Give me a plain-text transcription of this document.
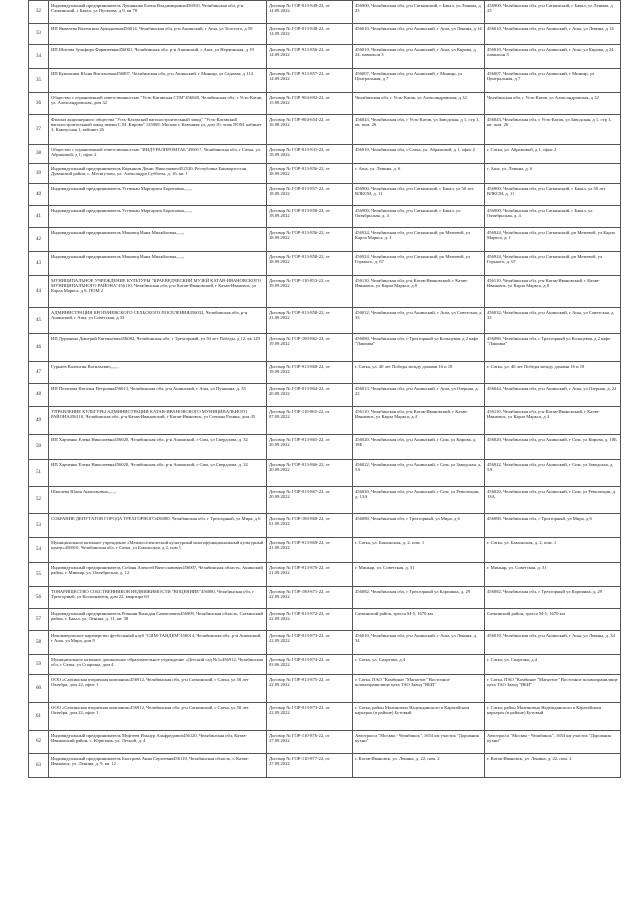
32	Индивидуальный предприниматель Лукиянова Елена Владимировна456910, Челябинская обл, р-н Саткинский, г Бакал, ул Пугачева, д 9, кв 78	Договор № ГОР-913-849-22, от 14.09.2022	456900, Челябинская обл, р-н Саткинский, г Бакал, ул Ленина, д 25	456900, Челябинская обл, р-н Саткинский, г Бакал, ул Ленина, д 25
33	ИП Яковлева Валентина Аркадьевна456014, Челябинская обл, р-н Ашинский, г Аша, ул Толстого, д 59	Договор № ГОР-913-848-22, от 14.09.2022	456010, Челябинская обл, р-н Ашинский, г Аша, ул Ленина, д 14	456010, Челябинская обл, р-н Ашинский, г Аша, ул Ленина, д 14
34	ИП Шитова Зульфира Фарвиеевна456001, Челябинская обл, р-н Ашинский, г Аша, ул Нерчинская, д 19	Договор № ГОР-913-856-22, от 14.09.2022	456010, Челябинская обл, р-н Ашинский, г Аша, ул Кирова, д 24, павильон 3	456010, Челябинская обл, р-н Ашинский, г Аша, ул Кирова, д 24, павильон 3
35	ИП Кувалкина Юлия Витальевна456007, Челябинская обл, р-н Ашинский, г Миньяр, ул Садовая, д 114	Договор № ГОР-913-857-22, от 14.09.2022	456007, Челябинская обл, р-н Ашинский, г Миньяр, ул Центральная, д 7	456007, Челябинская обл, р-н Ашинский, г Миньяр, ул Центральная, д 7
36	Общество с ограниченной ответственностью "Усть-Катавская СТМ"456040, Челябинская обл, г Усть-Катав, ул. Александровская, дом 32	Договор № ГОР-904-692-22, от 15.08.2022	Челябинская обл, г Усть-Катав, ул Александровская, д 32	Челябинская обл, г Усть-Катав, ул Александровская, д 32
37	Филиал акционерного общества "Усть-Катавский вагоностроительный завод" "Усть-Катавский вагоностроительный завод имени С.М. Кирова" 125009, Москва г, Казенная ул, дом 10, этаж ПОМ. кабинет 3, Кампусная 1, кабинет 26	Договор № ГОР-904-654-22, от 16.08.2022	456043, Челябинская обл, г Усть-Катав, ул Заводская, д 1, стр 1, кв. пом. 26	456043, Челябинская обл, г Усть-Катав, ул Заводская, д 1, стр 1, кв. пом. 26
38	Общество с ограниченной ответственностью "ИНДУРАЛПРОМТАБ"456017, Челябинская обл, г Сатка, ул. Абрамовой, д 1, офис 2	Договор № ГОР-913-831-22, от 18.09.2022	456910, Челябинская обл, г Сатка, ул. Абрамовой, д 1, офис 2	г. Сатка, ул. Абрамовой, д 1, офис 2
39	Индивидуальный предприниматель Кирьянов Денис Николаевич452530, Республика Башкортостан, Дуванский район, с. Месягутово, ул. Александра Субботы, д. 16, кв. 1	Договор № ГОР-913-856-22, от 18.09.2022	г. Аша, ул. Ленина, д. 6	г. Аша, ул. Ленина, д. 6
40	Индивидуальный предприниматель Устюжан Маргарита Борисовна,,,,,,,	Договор № ГОР-913-857-22, от 18.09.2022	456900, Челябинская обл, р-н Саткинский, г Бакал, ул 50 лет ВЛКСМ, д. 11	456900, Челябинская обл, р-н Саткинский, г Бакал, ул 50 лет ВЛКСМ, д. 11
41	Индивидуальный предприниматель Устюжан Маргарита Борисовна,,,,,,,	Договор № ГОР-913-858-22, от 18.09.2022	456900, Челябинская обл, р-н Саткинский, г Бакал, ул Октябрьская, д. 4	456900, Челябинская обл, р-н Саткинский, г Бакал, ул Октябрьская, д. 4
42	Индивидуальный предприниматель Маковец Инна Михайловна,,,,,,,	Договор № ГОР-913-856-22, от 18.09.2022	456924, Челябинская обл, р-н Саткинский, рп Межевой, ул Карла Маркса, д. 1	456924, Челябинская обл, р-н Саткинский, рп Межевой, ул Карла Маркса, д. 1
43	Индивидуальный предприниматель Маковец Инна Михайловна,,,,,,,	Договор № ГОР-913-858-22, от 18.09.2022	456924, Челябинская обл, р-н Саткинский, рп Межевой, ул Горького, д. 67	456924, Челябинская обл, р-н Саткинский, рп Межевой, ул Горького, д. 67
44	МУНИЦИПАЛЬНОЕ УЧРЕЖДЕНИЕ КУЛЬТУРЫ "КРАЕВЕДЧЕСКИЙ МУЗЕЙ КАТАВ-ИВАНОВСКОГО МУНИЦИПАЛЬНОГО РАЙОНА"456110, Челябинская обл, р-н Катав-Ивановский, г Катав-Ивановск, ул Карла Маркса, д 8, ПОМ 2	Договор № ГОР-110-853-22, от 19.09.2022	456110, Челябинская обл, р-н Катав-Ивановский, г Катав-Ивановск, ул Карла Маркса, д 8	456110, Челябинская обл, р-н Катав-Ивановский, г Катав-Ивановск, ул Карла Маркса, д 8
45	АДМИНИСТРАЦИЯ КРОПАЧЕВСКОГО СЕЛЬСКОГО ПОСЕЛЕНИЯ456032, Челябинская обл, р-н Ашинский, г Аша, ул Советская, д 33	Договор № ГОР-913-858-22, от 21.09.2022	456032, Челябинская обл, р-н Ашинский, г Аша, ул Советская, д 33	456032, Челябинская обл, р-н Ашинский, г Аша, ул Советская, д 33
46	ИП Дуранина Дмитрий Евгеньевич456082, Челябинская обл, г Трехгорный, ул 50 лет Победы, д 12, кв 129	Договор № ГОР-180-862-22, от 19.09.2022	456080, Челябинская обл, г Трехгорный ул Кольцевая, д 2 кафе "Лакомка"	456080, Челябинская обл, г Трехгорный ул Кольцевая, д 2 кафе "Лакомка"
47	Гуркаев Валентин Васильевич,,,,,,,	Договор № ГОР-913-868-22, от 19.09.2022	г. Сатка, ул. 40 лет Победы между домами 16 и 18	г. Сатка, ул. 40 лет Победы между домами 16 и 18
48	ИП Потапова Наталья Петровна456013, Челябинская обл, р-н Ашинский, г Аша, ул Пушкина, д. 35	Договор № ГОР-913-864-22, от 20.09.2022	456013, Челябинская обл, р-н Ашинский, г Аша, ул Озерная, д. 22	456044, Челябинская обл, р-н Ашинский, г Аша, ул Озерная, д. 22
49	УПРАВЛЕНИЕ КУЛЬТУРЫ АДМИНИСТРАЦИИ КАТАВ-ИВАНОВСКОГО МУНИЦИПАЛЬНОГО РАЙОНА456110, Челябинская обл, р-н Катав-Ивановский, г Катав-Ивановск, ул Степана Разина, дом 45	Договор № ГОР-110-865-22, от 07.09.2022	456110, Челябинская обл, р-н Катав-Ивановский, г Катав-Ивановск, ул Карла Маркса, д 4	456110, Челябинская обл, р-н Катав-Ивановский, г Катав-Ивановск, ул Карла Маркса, д 4
50	ИП Харченко Елена Николаевна456020, Челябинская обл, р-н Ашинский, г Сим, ул Свердлова, д. 32	Договор № ГОР-913-865-22, от 20.09.2022	456020, Челябинская обл, р-н Ашинский, г Сим, ул Кирова, д. 18Б	456020, Челябинская обл, р-н Ашинский, г Сим, ул Кирова, д. 18Б
51	ИП Харченко Елена Николаевна456020, Челябинская обл, р-н Ашинский, г Сим, ул Свердлова, д. 32	Договор № ГОР-913-866-22, от 20.09.2022	456022, Челябинская обл, р-н Ашинский, г Сим, ул Заводская, д. 5А	456022, Челябинская обл, р-н Ашинский, г Сим, ул Заводская, д. 5А
52	Шмелева Юлия Анатольевна,,,,,,,	Договор № ГОР-913-867-22, от 20.09.2022	456020, Челябинская обл, р-н Ашинский, г Сим, ул Революции, д. 13А	456020, Челябинская обл, р-н Ашинский, г Сим, ул Революции, д. 13А
53	СОБРАНИЕ ДЕПУТАТОВ ГОРОДА ТРЕХГОРНОГО456080, Челябинская обл, г Трехгорный, ул Мира, д 6	Договор № ГОР-180-868-22, от 01.09.2022	456080, Челябинская обл, г Трехгорный, ул Мира, д 6	456080, Челябинская обл, г Трехгорный, ул Мира, д 6
54	Муниципальное казенное учреждение «Межпоселенческий культурный многофункциональный культурный центр»456910, Челябинская обл, г Сатка, ул Бакальская, д 2, пом 1	Договор № ГОР-913-869-22, от 21.09.2022	г. Сатка, ул. Бакальская, д. 2, пом. 1	г. Сатка, ул. Бакальская, д. 2, пом. 1
55	Индивидуальный предприниматель Собаня Алексей Вячеславович456007, Челябинская область, Ашинский район, г. Миньяр, ул. Октябрьская, д. 12	Договор № ГОР-913-870-22, от 21.09.2022	г. Миньяр, ул. Советская, д. 31	г. Миньяр, ул. Советская, д. 31
56	ТОВАРИЩЕСТВО СОБСТВЕННИКОВ НЕДВИЖИМОСТИ "ВОЦЕНИЙЕ"456080, Челябинская обл, г Трехгорный, ул Космонавтов, дом 22, квартира 63	Договор № ГОР-180-871-22, от 22.09.2022	456082, Челябинская обл, г Трехгорный ул Карпинка, д. 29	456082, Челябинская обл, г Трехгорный ул Карпинка, д. 29
57	Индивидуальный предприниматель Рошнян Вильдан Самвелович456909, Челябинская область, Саткинский район, г. Бакал, ул. Ленина, д. 11, кв. 38	Договор № ГОР-913-872-22, от 22.09.2022	Саткинский район, трасса М-5, 1670 км	Саткинский район, трасса М-5, 1670 км
58	Некоммерческое партнерство футбольный клуб "СИМ-ТАНДЕМ"456014, Челябинская обл, р-н Ашинский, г Аша, ул Мира, дом 9	Договор № ГОР-913-873-22, от 22.09.2022	456010, Челябинская обл, р-н Ашинский, г Аша, ул Ленина, д. 34	456010, Челябинская обл, р-н Ашинский, г Аша, ул Ленина, д. 34
59	Муниципальное казенное дошкольное образовательное учреждение «Детский сад №3»456912, Челябинская обл, г Сатка, ул Спартака, дом 4	Договор № ГОР-913-874-22, от 03.06.2022	г. Сатка, ул. Спартака, д.4	г. Сатка, ул. Спартака, д.4
60	ООО «Саткинская вторичная компания»456912, Челябинская обл, р-н Саткинский, г Сатка, ул 50 лет Октября, дом 22, офис 1	Договор № ГОР-913-875-22, от 22.09.2022	г. Сатка, ПАО "Комбинат "Магнезит" Восточное шламохранилище цеха ТАО Завод "ВБИ"	г. Сатка, ПАО "Комбинат "Магнезит" Восточное шламохранилище цеха ТАО Завод "ВБИ"
61	ООО «Саткинская вторичная компания»456912, Челябинская обл, р-н Саткинский, г Сатка, ул 50 лет Октября, дом 22, офис 1	Договор № ГОР-913-873-22, от 22.09.2022	г. Сатка, район Малиновых Надеждинского в Карагайском карьерах (в районе) Бутовый	г. Сатка, район Малиновых Надеждинского в Карагайском карьерах (в районе) Бутовый
62	Индивидуальный предприниматель Муфтеев Ильнур Альфредович456120, Челябинская обл, Катав-Ивановский район, с. Юрюзань, ул. Лесной, д. 4	Договор № ГОР-110-876-22, от 27.09.2022	Автотрасса "Москва - Челябинск", 1654 км участок "Дорожник кухни"	Автотрасса "Москва - Челябинск", 1654 км участок "Дорожник кухни"
63	Индивидуальный предприниматель Быстрова Анна Сергеевна456110, Челябинская область, г. Катав-Ивановск, ул. Ленина, д. 9, кв. 12	Договор № ГОР-110-877-22, от 27.09.2022	г. Катав-Ивановск, ул. Ленина, д. 22, пом. 2	г. Катав-Ивановск, ул. Ленина, д. 22, пом. 2
